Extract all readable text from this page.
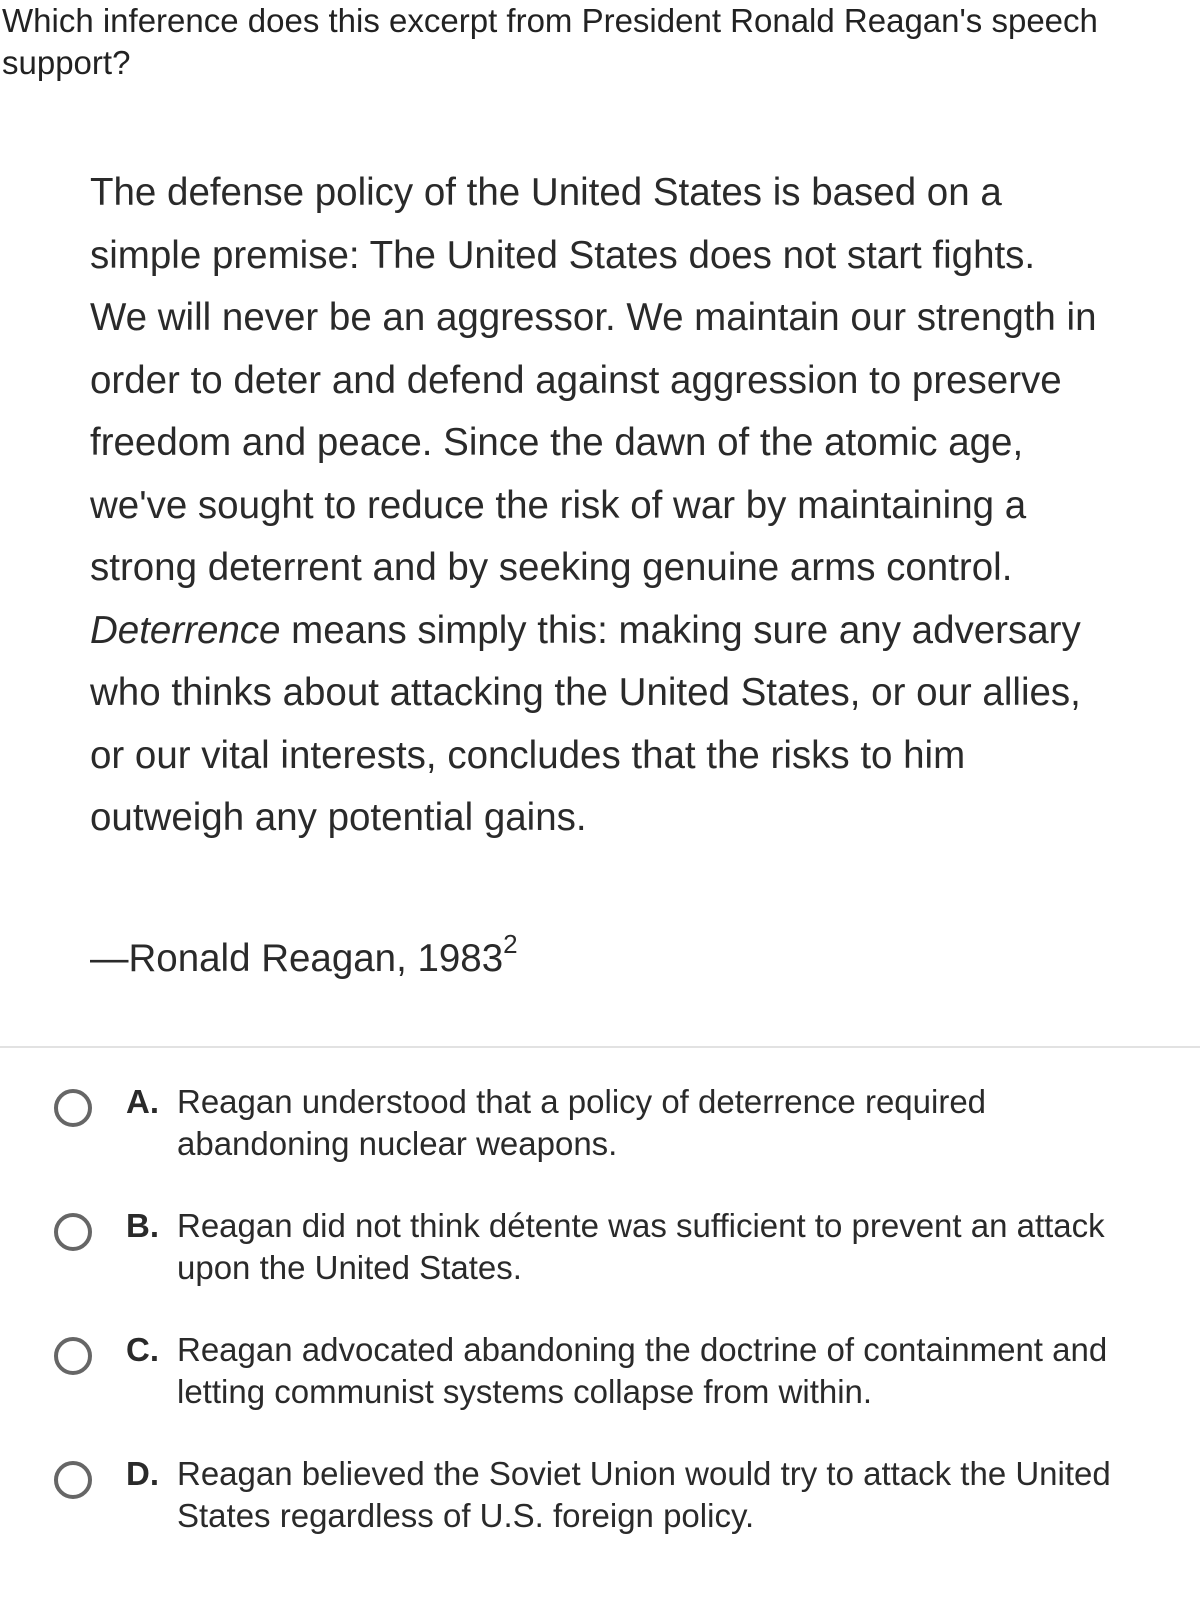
Which inference does this excerpt from President Ronald Reagan's speech
support?
The defense policy of the United States is based on a
simple premise: The United States does not start fights.
We will never be an aggressor. We maintain our strength in
order to deter and defend against aggression to preserve
freedom and peace. Since the dawn of the atomic age,
we've sought to reduce the risk of war by maintaining a
strong deterrent and by seeking genuine arms control.
Deterrence means simply this: making sure any adversary
who thinks about attacking the United States, or our allies,
or our vital interests, concludes that the risks to him
outweigh any potential gains.
—Ronald Reagan, 1983$^2$
A. Reagan understood that a policy of deterrence required
abandoning nuclear weapons.
B. Reagan did not think détente was sufficient to prevent an attack
upon the United States.
C. Reagan advocated abandoning the doctrine of containment and
letting communist systems collapse from within.
D. Reagan believed the Soviet Union would try to attack the United
States regardless of U.S. foreign policy.
